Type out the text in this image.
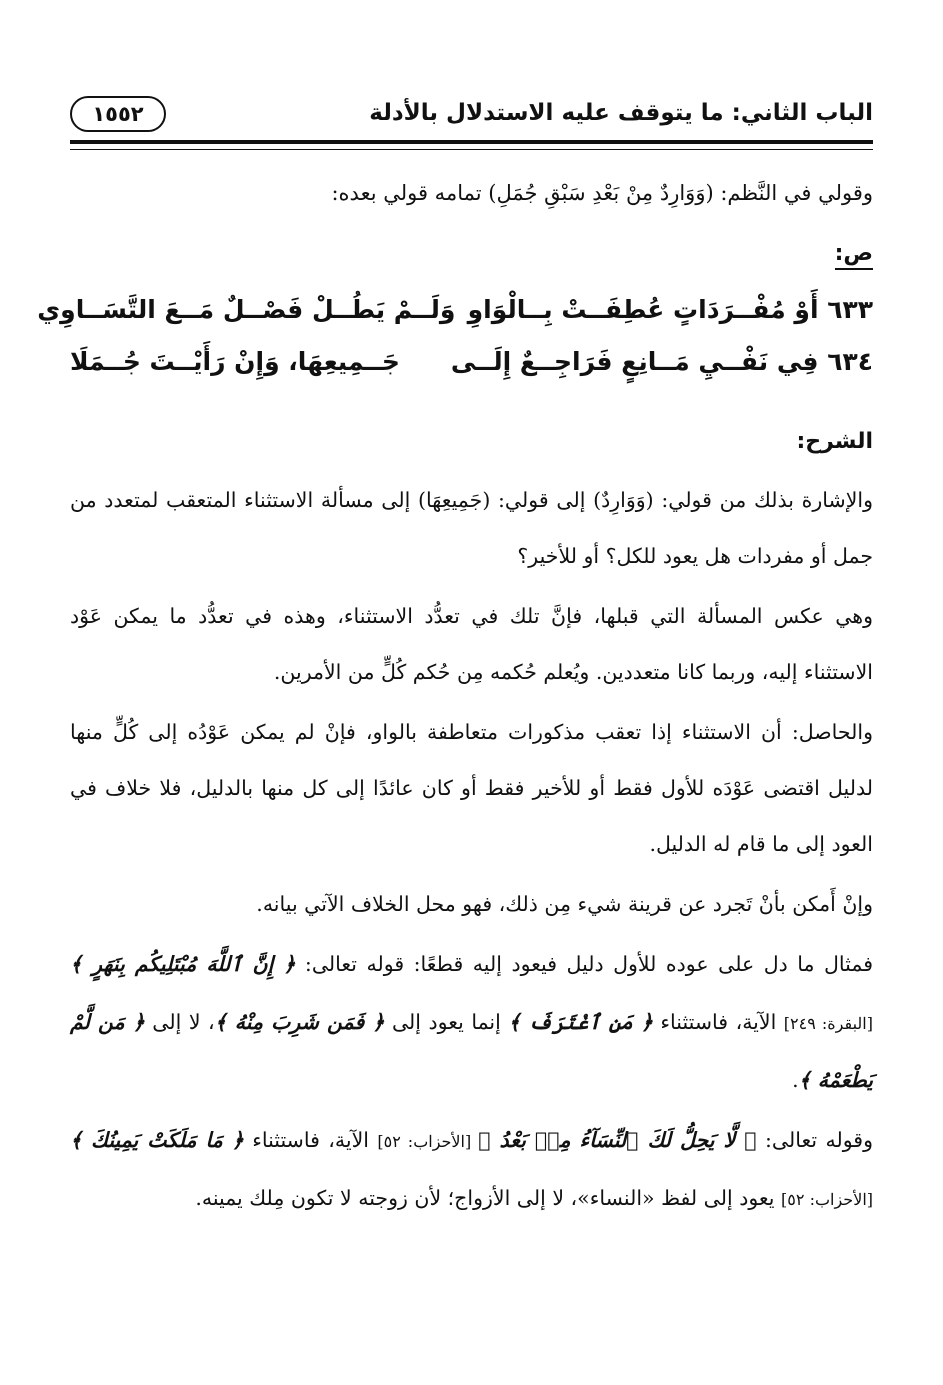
الباب الثاني: ما يتوقف عليه الاستدلال بالأدلة
١٥٥٢

وقولي في النَّظم: (وَوَارِدٌ مِنْ بَعْدِ سَبْقِ جُمَلِ) تمامه قولي بعده:

ص:

٦٣٣ أَوْ مُفْــرَدَاتٍ عُطِفَــتْ بِــالْوَاوِ
وَلَــمْ يَطُــلْ فَصْــلٌ مَــعَ التَّسَــاوِي
٦٣٤ فِي نَفْــيِ مَــانِعٍ فَرَاجِــعٌ إِلَــى
جَــمِيعِهَا، وَإِنْ رَأَيْــتَ جُــمَلَا

الشرح:

والإشارة بذلك من قولي: (وَوَارِدٌ) إلى قولي: (جَمِيعِهَا) إلى مسألة الاستثناء المتعقب لمتعدد من جمل أو مفردات هل يعود للكل؟ أو للأخير؟

وهي عكس المسألة التي قبلها، فإنَّ تلك في تعدُّد الاستثناء، وهذه في تعدُّد ما يمكن عَوْد الاستثناء إليه، وربما كانا متعددين. ويُعلم حُكمه مِن حُكم كُلٍّ من الأمرين.

والحاصل: أن الاستثناء إذا تعقب مذكورات متعاطفة بالواو، فإنْ لم يمكن عَوْدُه إلى كُلٍّ منها لدليل اقتضى عَوْدَه للأول فقط أو للأخير فقط أو كان عائدًا إلى كل منها بالدليل، فلا خلاف في العود إلى ما قام له الدليل.

وإنْ أَمكن بأنْ تَجرد عن قرينة شيء مِن ذلك، فهو محل الخلاف الآتي بيانه.

فمثال ما دل على عوده للأول دليل فيعود إليه قطعًا: قوله تعالى: ﴿ إِنَّ ٱللَّهَ مُبْتَلِيكُم بِنَهَرٍ ﴾ [البقرة: ٢٤٩] الآية، فاستثناء ﴿ مَنِ ٱغْتَرَفَ ﴾ إنما يعود إلى ﴿ فَمَن شَرِبَ مِنْهُ ﴾، لا إلى ﴿ مَن لَّمْ يَطْعَمْهُ ﴾.

وقوله تعالى: ﴿ لَّا يَحِلُّ لَكَ ٱلنِّسَآءُ مِنۢ بَعْدُ ﴾ [الأحزاب: ٥٢] الآية، فاستثناء ﴿ مَا مَلَكَتْ يَمِينُكَ ﴾ [الأحزاب: ٥٢] يعود إلى لفظ «النساء»، لا إلى الأزواج؛ لأن زوجته لا تكون مِلك يمينه.
